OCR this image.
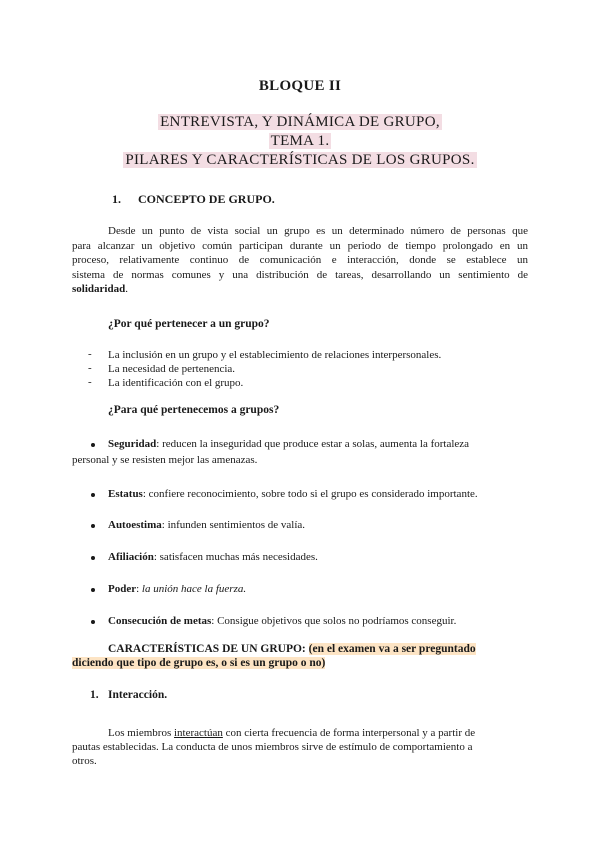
BLOQUE II
ENTREVISTA, Y DINÁMICA DE GRUPO,
TEMA 1.
PILARES Y CARACTERÍSTICAS DE LOS GRUPOS.
1. CONCEPTO DE GRUPO.
Desde un punto de vista social un grupo es un determinado número de personas que
para alcanzar un objetivo común participan durante un periodo de tiempo prolongado en un
proceso, relativamente continuo de comunicación e interacción, donde se establece un
sistema de normas comunes y una distribución de tareas, desarrollando un sentimiento de
solidaridad.
¿Por qué pertenecer a un grupo?
- La inclusión en un grupo y el establecimiento de relaciones interpersonales.
- La necesidad de pertenencia.
- La identificación con el grupo.
¿Para qué pertenecemos a grupos?
Seguridad: reducen la inseguridad que produce estar a solas, aumenta la fortaleza
personal y se resisten mejor las amenazas.
Estatus: confiere reconocimiento, sobre todo si el grupo es considerado importante.
Autoestima: infunden sentimientos de valía.
Afiliación: satisfacen muchas más necesidades.
Poder: la unión hace la fuerza.
Consecución de metas: Consigue objetivos que solos no podríamos conseguir.
CARACTERÍSTICAS DE UN GRUPO: (en el examen va a ser preguntado
diciendo que tipo de grupo es, o si es un grupo o no)
1. Interacción.
Los miembros interactúan con cierta frecuencia de forma interpersonal y a partir de
pautas establecidas. La conducta de unos miembros sirve de estímulo de comportamiento a
otros.
